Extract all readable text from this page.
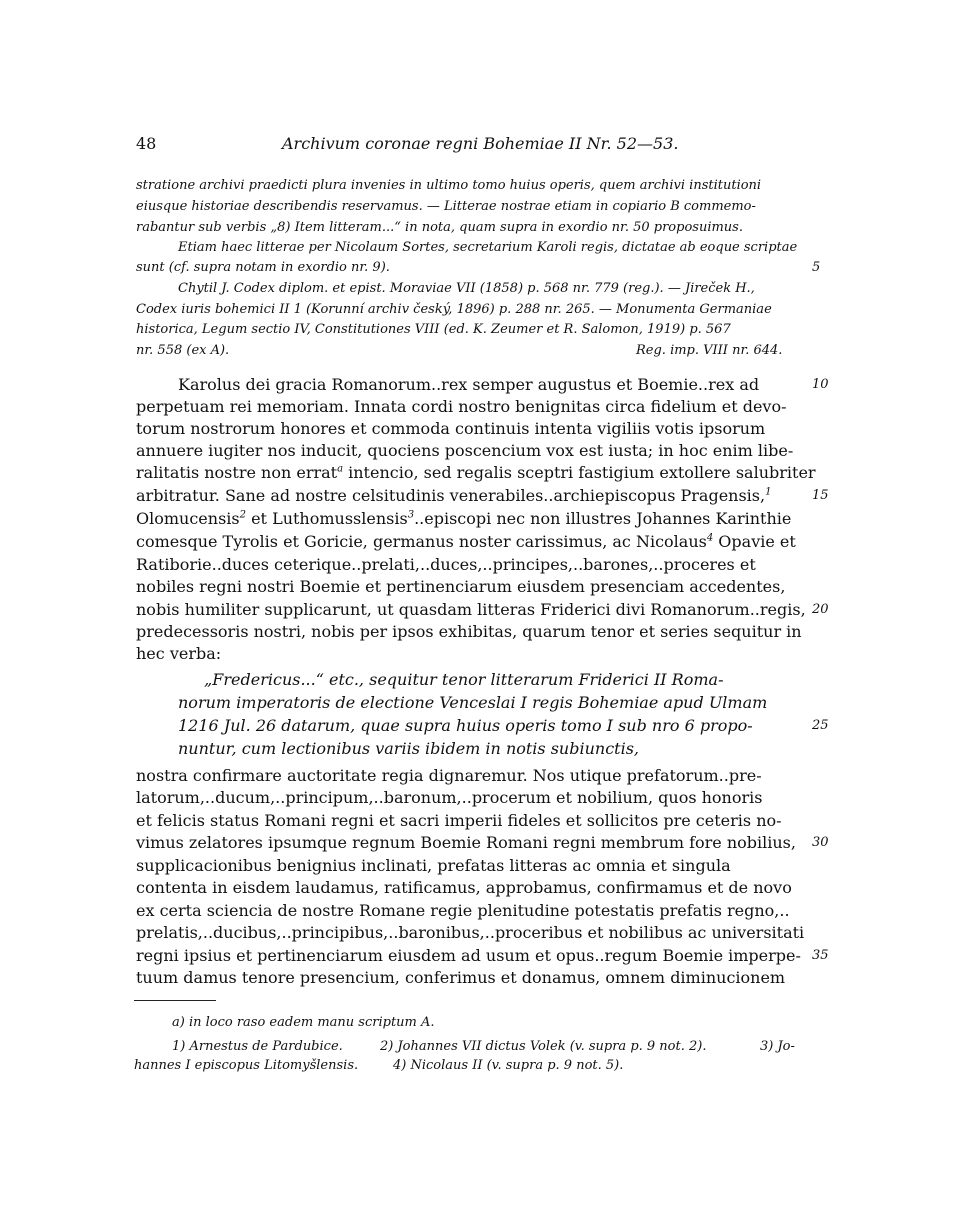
48	Archivum coronae regni Bohemiae II Nr. 52—53.
stratione archivi praedicti plura invenies in ultimo tomo huius operis, quem archivi institutioni
eiusque historiae describendis reservamus. — Litterae nostrae etiam in copiario B commemo-
rabantur sub verbis „8) Item litteram...“ in nota, quam supra in exordio nr. 50 proposuimus.
Etiam haec litterae per Nicolaum Sortes, secretarium Karoli regis, dictatae ab eoque scriptae
sunt (cf. supra notam in exordio nr. 9).
Chytil J. Codex diplom. et epist. Moraviae VII (1858) p. 568 nr. 779 (reg.). — Jireček H.,
Codex iuris bohemici II 1 (Korunní archiv český, 1896) p. 288 nr. 265. — Monumenta Germaniae
historica, Legum sectio IV, Constitutiones VIII (ed. K. Zeumer et R. Salomon, 1919) p. 567
nr. 558 (ex A).	Reg. imp. VIII nr. 644.
Karolus dei gracia Romanorum..rex semper augustus et Boemie..rex ad
perpetuam rei memoriam. Innata cordi nostro benignitas circa fidelium et devo-
torum nostrorum honores et commoda continuis intenta vigiliis votis ipsorum
annuere iugiter nos inducit, quociens poscencium vox est iusta; in hoc enim libe-
ralitatis nostre non errat$^a$ intencio, sed regalis sceptri fastigium extollere salubriter
arbitratur. Sane ad nostre celsitudinis venerabiles..archiepiscopus Pragensis,$^1$
Olomucensis$^2$ et Luthomusslensis$^3$..episcopi nec non illustres Johannes Karinthie
comesque Tyrolis et Goricie, germanus noster carissimus, ac Nicolaus$^4$ Opavie et
Ratiborie..duces ceterique..prelati,..duces,..principes,..barones,..proceres et
nobiles regni nostri Boemie et pertinenciarum eiusdem presenciam accedentes,
nobis humiliter supplicarunt, ut quasdam litteras Friderici divi Romanorum..regis,
predecessoris nostri, nobis per ipsos exhibitas, quarum tenor et series sequitur in
hec verba:
„Fredericus...“ etc., sequitur tenor litterarum Friderici II Roma-
norum imperatoris de electione Venceslai I regis Bohemiae apud Ulmam
1216 Jul. 26 datarum, quae supra huius operis tomo I sub nro 6 propo-
nuntur, cum lectionibus variis ibidem in notis subiunctis,
nostra confirmare auctoritate regia dignaremur. Nos utique prefatorum..pre-
latorum,..ducum,..principum,..baronum,..procerum et nobilium, quos honoris
et felicis status Romani regni et sacri imperii fideles et sollicitos pre ceteris no-
vimus zelatores ipsumque regnum Boemie Romani regni membrum fore nobilius,
supplicacionibus benignius inclinati, prefatas litteras ac omnia et singula
contenta in eisdem laudamus, ratificamus, approbamus, confirmamus et de novo
ex certa sciencia de nostre Romane regie plenitudine potestatis prefatis regno,..
prelatis,..ducibus,..principibus,..baronibus,..proceribus et nobilibus ac universitati
regni ipsius et pertinenciarum eiusdem ad usum et opus..regum Boemie imperpe-
tuum damus tenore presencium, conferimus et donamus, omnem diminucionem
5
10
15
20
25
30
35
a) in loco raso eadem manu scriptum A.
1) Arnestus de Pardubice.	2) Johannes VII dictus Volek (v. supra p. 9 not. 2).	3) Jo-
hannes I episcopus Litomyšlensis.	4) Nicolaus II (v. supra p. 9 not. 5).
